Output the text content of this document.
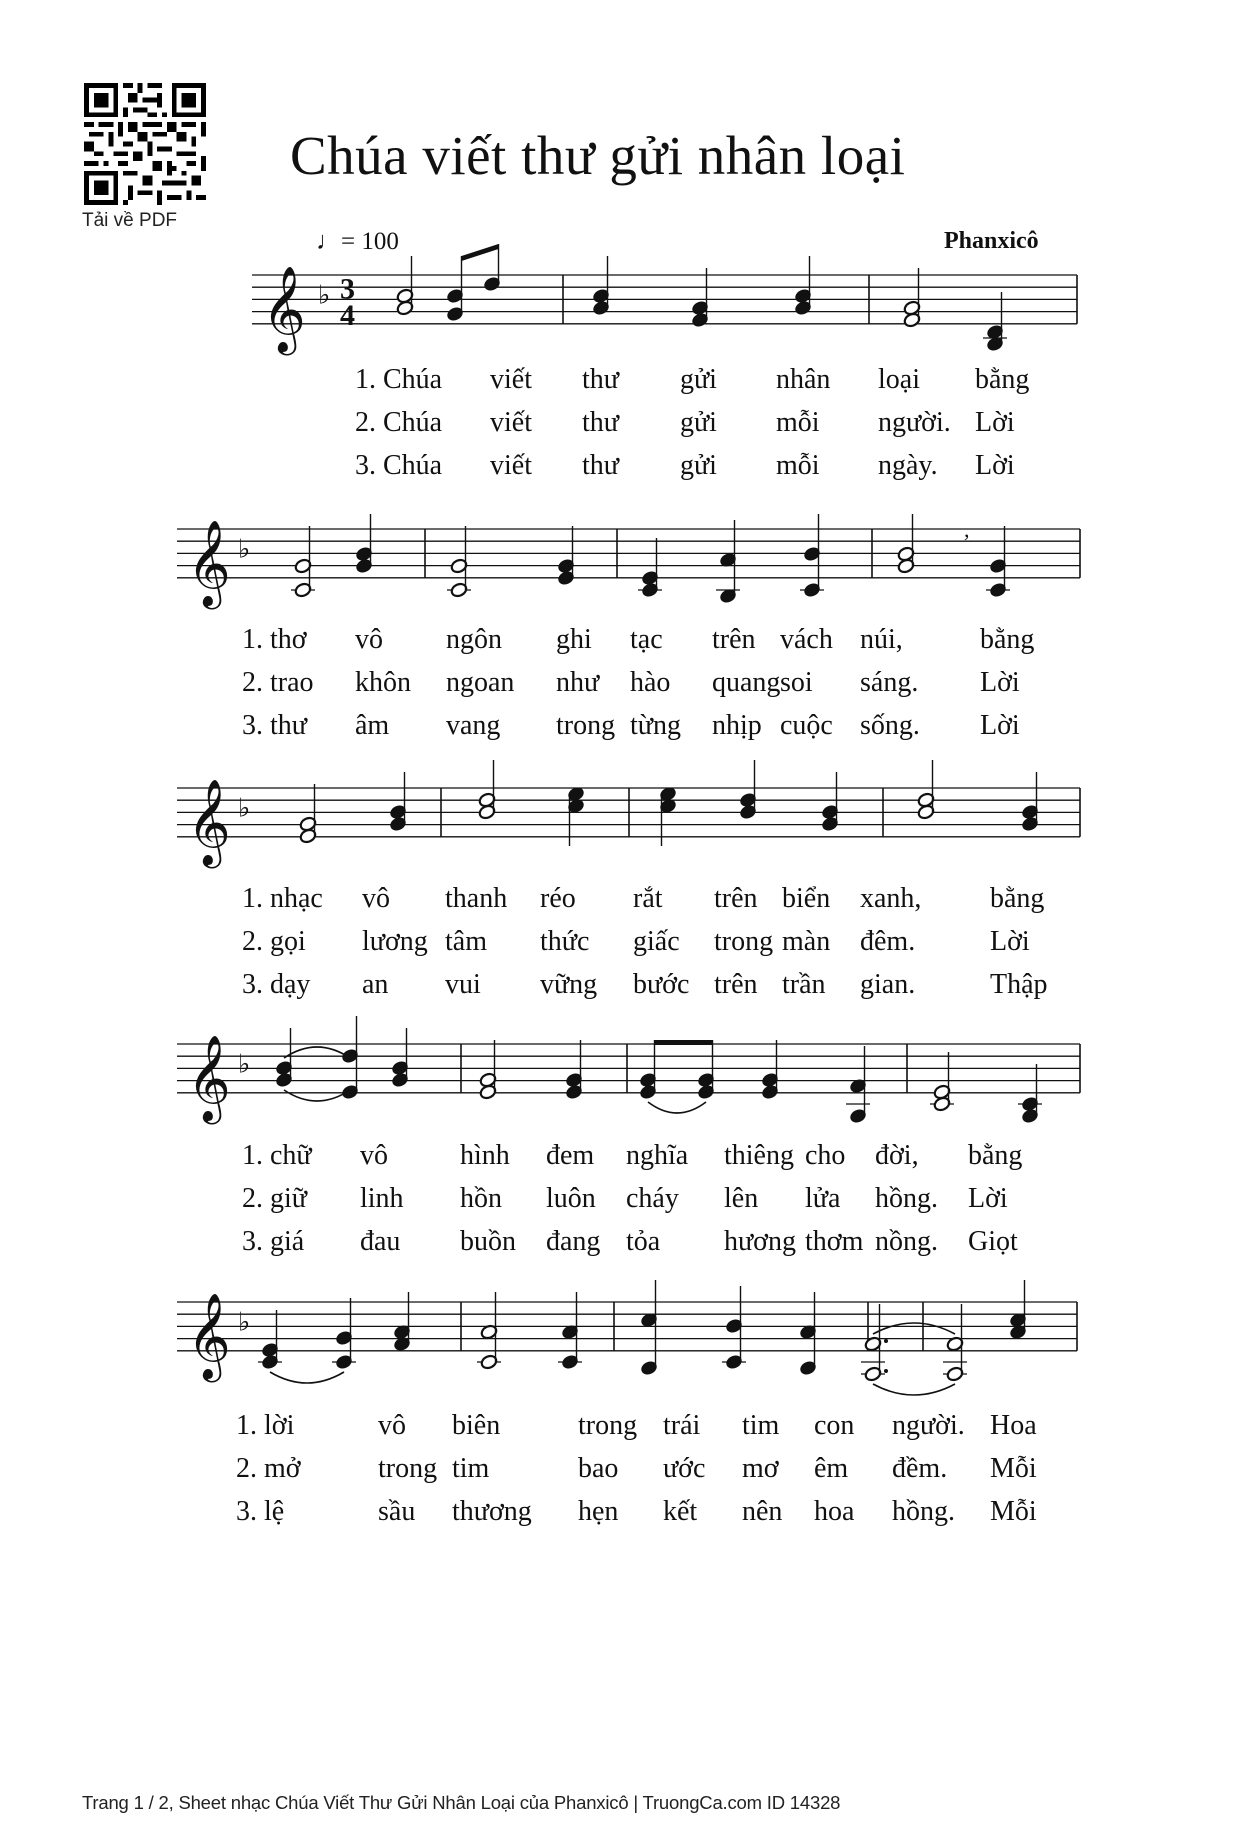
Tải về PDF
Chúa viết thư gửi nhân loại
♩= 100	Phanxicô
𝄞 ♭ 3
4
𝄞 ♭
,
𝄞 ♭
𝄞 ♭
𝄞 ♭
1. Chúa viết thư gửi nhân loại bằng
2. Chúa viết thư gửi mỗi người. Lời
3. Chúa viết thư gửi mỗi ngày. Lời
1. thơ vô ngôn ghi tạc trên vách núi,	bằng
2. trao khôn ngoan như hào quang soi sáng. Lời
3. thư âm vang trong từng nhịp cuộc sống. Lời
1. nhạc vô thanh réo rắt trên biển xanh, bằng
2. gọi lương tâm thức giấc trong màn đêm.	Lời
3. dạy an vui vững bước trên trần gian.	Thập
1. chữ vô	hình đem nghĩa thiêng cho đời, bằng
2. giữ linh hồn luôn cháy lên lửa hồng. Lời
3. giá đau buồn đang tỏa hương thơm nồng. Giọt
1. lời	vô biên	trong trái tim con người. Hoa
2. mở	trong tim	bao ước mơ êm đềm. Mỗi
3. lệ	sầu thương hẹn kết nên hoa hồng. Mỗi
Trang 1 / 2, Sheet nhạc Chúa Viết Thư Gửi Nhân Loại của Phanxicô | TruongCa.com ID 14328
